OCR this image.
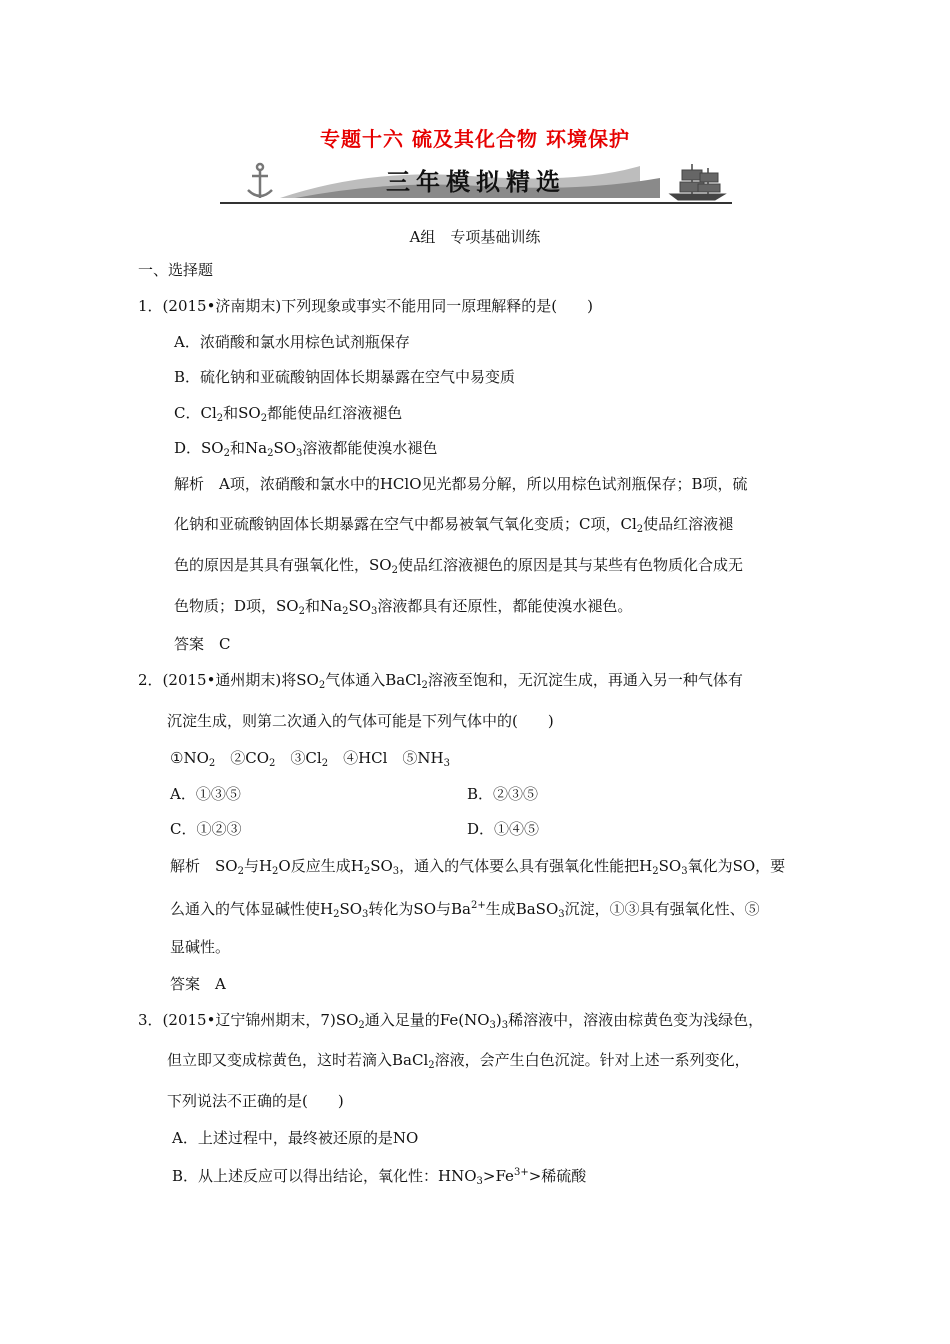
专题十六 硫及其化合物 环境保护
三年模拟精选
A组　专项基础训练
一、选择题
1．(2015•济南期末)下列现象或事实不能用同一原理解释的是(　　)
A．浓硝酸和氯水用棕色试剂瓶保存
B．硫化钠和亚硫酸钠固体长期暴露在空气中易变质
C．$Cl_2$和$SO_2$都能使品红溶液褪色
D．$SO_2$和$Na_2SO_3$溶液都能使溴水褪色
解析　A项，浓硝酸和氯水中的HClO见光都易分解，所以用棕色试剂瓶保存；B项，硫
化钠和亚硫酸钠固体长期暴露在空气中都易被氧气氧化变质；C项，$Cl_2$使品红溶液褪
色的原因是其具有强氧化性，$SO_2$使品红溶液褪色的原因是其与某些有色物质化合成无
色物质；D项，$SO_2$和$Na_2SO_3$溶液都具有还原性，都能使溴水褪色。
答案　C
2．(2015•通州期末)将$SO_2$气体通入BaCl$_2$溶液至饱和，无沉淀生成，再通入另一种气体有
沉淀生成，则第二次通入的气体可能是下列气体中的(　　)
$①NO_2$　$②CO_2$　$③Cl_2$　④HCl　$⑤NH_3$
A．①③⑤	B．②③⑤
C．①②③	D．①④⑤
解析　$SO_2$与$H_2O$反应生成$H_2SO_3$，通入的气体要么具有强氧化性能把$H_2SO_3$氧化为SO，要
么通入的气体显碱性使$H_2SO_3$转化为SO与$Ba^{2+}$生成BaSO$_3$沉淀，①③具有强氧化性、⑤
显碱性。
答案　A
3．(2015•辽宁锦州期末，$7)SO_2$通入足量的$Fe(NO_3)_3$稀溶液中，溶液由棕黄色变为浅绿色，
但立即又变成棕黄色，这时若滴入BaCl$_2$溶液，会产生白色沉淀。针对上述一系列变化，
下列说法不正确的是(　　)
A．上述过程中，最终被还原的是NO
B．从上述反应可以得出结论，氧化性：$HNO_3>Fe^{3+}>$稀硫酸
